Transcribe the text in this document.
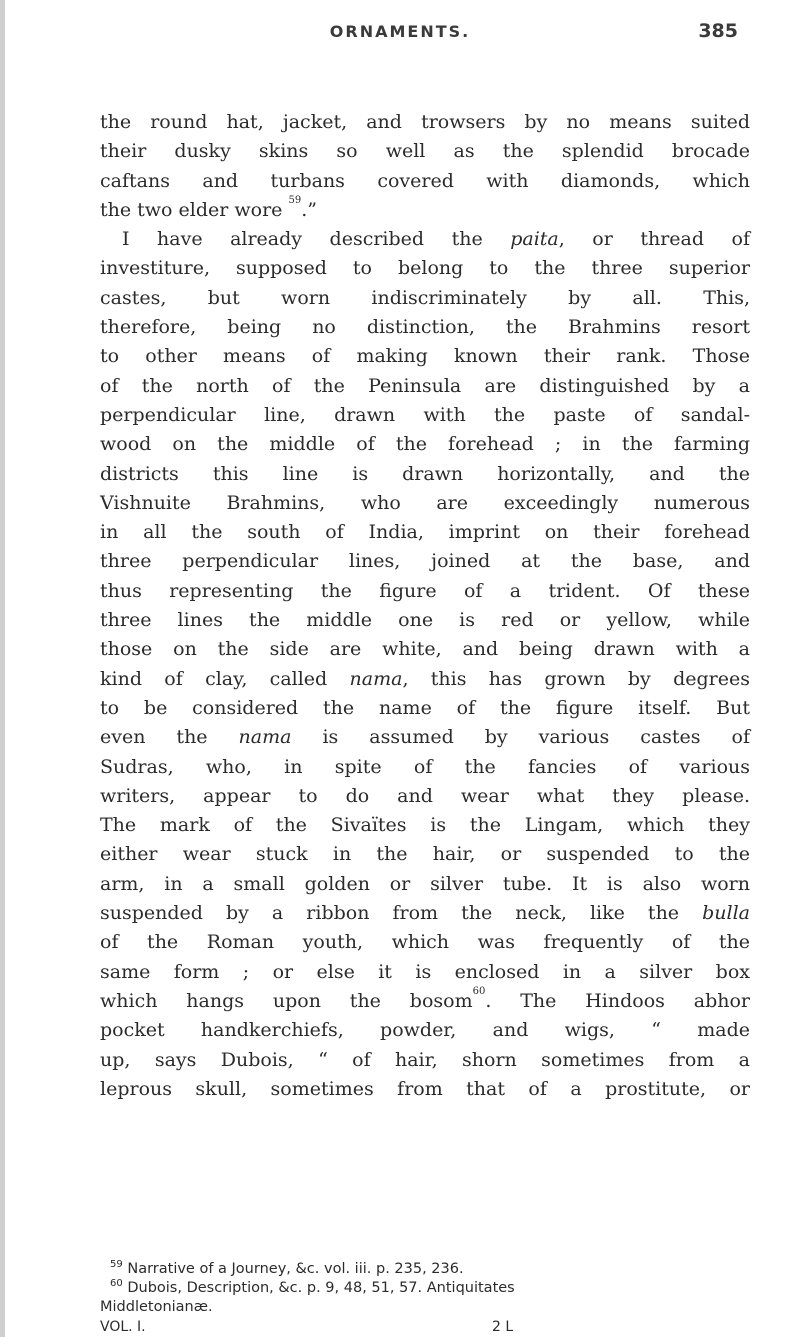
ORNAMENTS.	385
the round hat, jacket, and trowsers by no means suited
their dusky skins so well as the splendid brocade
caftans and turbans covered with diamonds, which
the two elder wore $^{59}$.”
I have already described the paita, or thread of
investiture, supposed to belong to the three superior
castes, but worn indiscriminately by all. This,
therefore, being no distinction, the Brahmins resort
to other means of making known their rank. Those
of the north of the Peninsula are distinguished by a
perpendicular line, drawn with the paste of sandal-
wood on the middle of the forehead ; in the farming
districts this line is drawn horizontally, and the
Vishnuite Brahmins, who are exceedingly numerous
in all the south of India, imprint on their forehead
three perpendicular lines, joined at the base, and
thus representing the figure of a trident. Of these
three lines the middle one is red or yellow, while
those on the side are white, and being drawn with a
kind of clay, called nama, this has grown by degrees
to be considered the name of the figure itself. But
even the nama is assumed by various castes of
Sudras, who, in spite of the fancies of various
writers, appear to do and wear what they please.
The mark of the Sivaïtes is the Lingam, which they
either wear stuck in the hair, or suspended to the
arm, in a small golden or silver tube. It is also worn
suspended by a ribbon from the neck, like the bulla
of the Roman youth, which was frequently of the
same form ; or else it is enclosed in a silver box
which hangs upon the bosom$^{60}$. The Hindoos abhor
pocket handkerchiefs, powder, and wigs, “ made
up, says Dubois, “ of hair, shorn sometimes from a
leprous skull, sometimes from that of a prostitute, or
$^{59}$ Narrative of a Journey, &c. vol. iii. p. 235, 236.
$^{60}$ Dubois, Description, &c. p. 9, 48, 51, 57. Antiquitates
Middletonianæ.
VOL. I.	2 L
